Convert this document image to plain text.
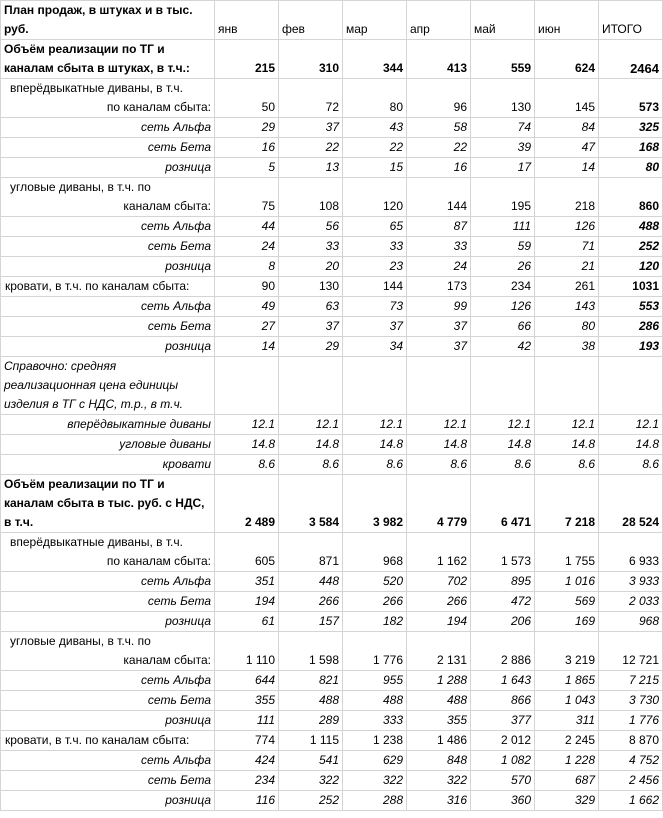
План продаж, в штуках и в тыс.
руб.	янв	фев	мар	апр	май	июн	ИТОГО

Объём реализации по ТГ и
каналам сбыта в штуках, в т.ч.:	215	310	344	413	559	624	2464

вперёдвыкатные диваны, в т.ч.
по каналам сбыта:	50	72	80	96	130	145	573
сеть Альфа	29	37	43	58	74	84	325
сеть Бета	16	22	22	22	39	47	168
розница	5	13	15	16	17	14	80

угловые диваны, в т.ч. по
каналам сбыта:	75	108	120	144	195	218	860
сеть Альфа	44	56	65	87	111	126	488
сеть Бета	24	33	33	33	59	71	252
розница	8	20	23	24	26	21	120

кровати, в т.ч. по каналам сбыта:	90	130	144	173	234	261	1031
сеть Альфа	49	63	73	99	126	143	553
сеть Бета	27	37	37	37	66	80	286
розница	14	29	34	37	42	38	193

Справочно: средняя
реализационная цена единицы
изделия в ТГ с НДС, т.р., в т.ч.							

вперёдвыкатные диваны	12.1	12.1	12.1	12.1	12.1	12.1	12.1
угловые диваны	14.8	14.8	14.8	14.8	14.8	14.8	14.8
кровати	8.6	8.6	8.6	8.6	8.6	8.6	8.6

Объём реализации по ТГ и
каналам сбыта в тыс. руб. с НДС,
в т.ч.	2 489	3 584	3 982	4 779	6 471	7 218	28 524

вперёдвыкатные диваны, в т.ч.
по каналам сбыта:	605	871	968	1 162	1 573	1 755	6 933
сеть Альфа	351	448	520	702	895	1 016	3 933
сеть Бета	194	266	266	266	472	569	2 033
розница	61	157	182	194	206	169	968

угловые диваны, в т.ч. по
каналам сбыта:	1 110	1 598	1 776	2 131	2 886	3 219	12 721
сеть Альфа	644	821	955	1 288	1 643	1 865	7 215
сеть Бета	355	488	488	488	866	1 043	3 730
розница	111	289	333	355	377	311	1 776

кровати, в т.ч. по каналам сбыта:	774	1 115	1 238	1 486	2 012	2 245	8 870
сеть Альфа	424	541	629	848	1 082	1 228	4 752
сеть Бета	234	322	322	322	570	687	2 456
розница	116	252	288	316	360	329	1 662
